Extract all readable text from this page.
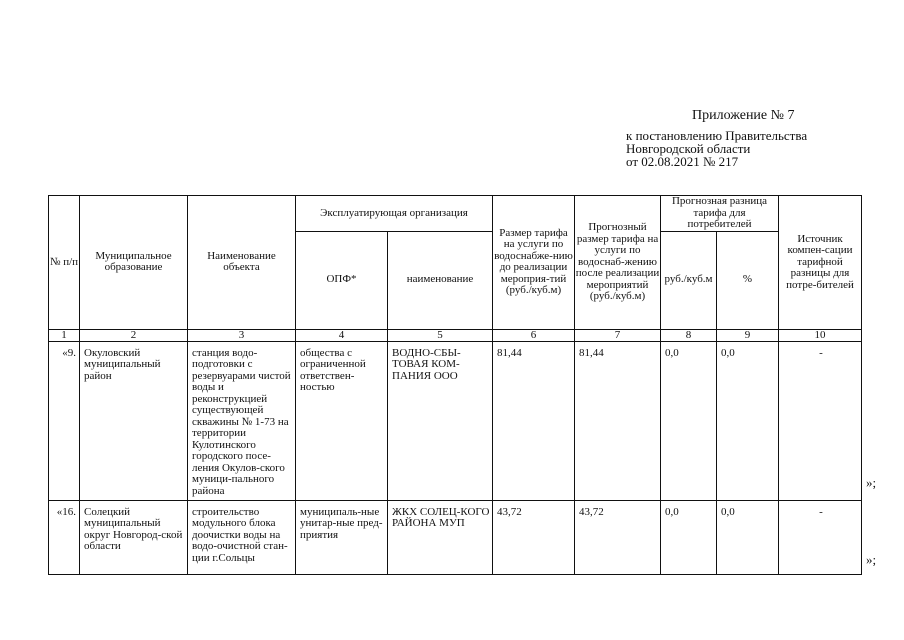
Приложение № 7
к постановлению Правительства
Новгородской области
от 02.08.2021 № 217
№ п/п	Муниципальное образование	Наименование объекта	Эксплуатирующая организация		Размер тарифа на услуги по водоснабже-нию до реализации мероприя-тий (руб./куб.м)	Прогнозный размер тарифа на услуги по водоснаб-жению после реализации мероприятий (руб./куб.м)	Прогнозная разница тарифа для потребителей		Источник компен-сации тарифной разницы для потре-бителей
			ОПФ*	наименование			руб./куб.м	%	
1	2	3	4	5	6	7	8	9	10
«9.	Окуловский муниципальный район	станция водо-подготовки с резервуарами чистой воды и реконструкцией существующей скважины № 1-73 на территории Кулотинского городского посе-ления Окулов-ского муници-пального района	общества с ограниченной ответствен-ностью	ВОДНО-СБЫ-ТОВАЯ КОМ-ПАНИЯ ООО	81,44	81,44	0,0	0,0	-
«16.	Солецкий муниципальный округ Новгород-ской области	строительство модульного блока доочистки воды на водо-очистной стан-ции г.Сольцы	муниципаль-ные унитар-ные пред-приятия	ЖКХ СОЛЕЦ-КОГО РАЙОНА МУП	43,72	43,72	0,0	0,0	-
»;
»;
